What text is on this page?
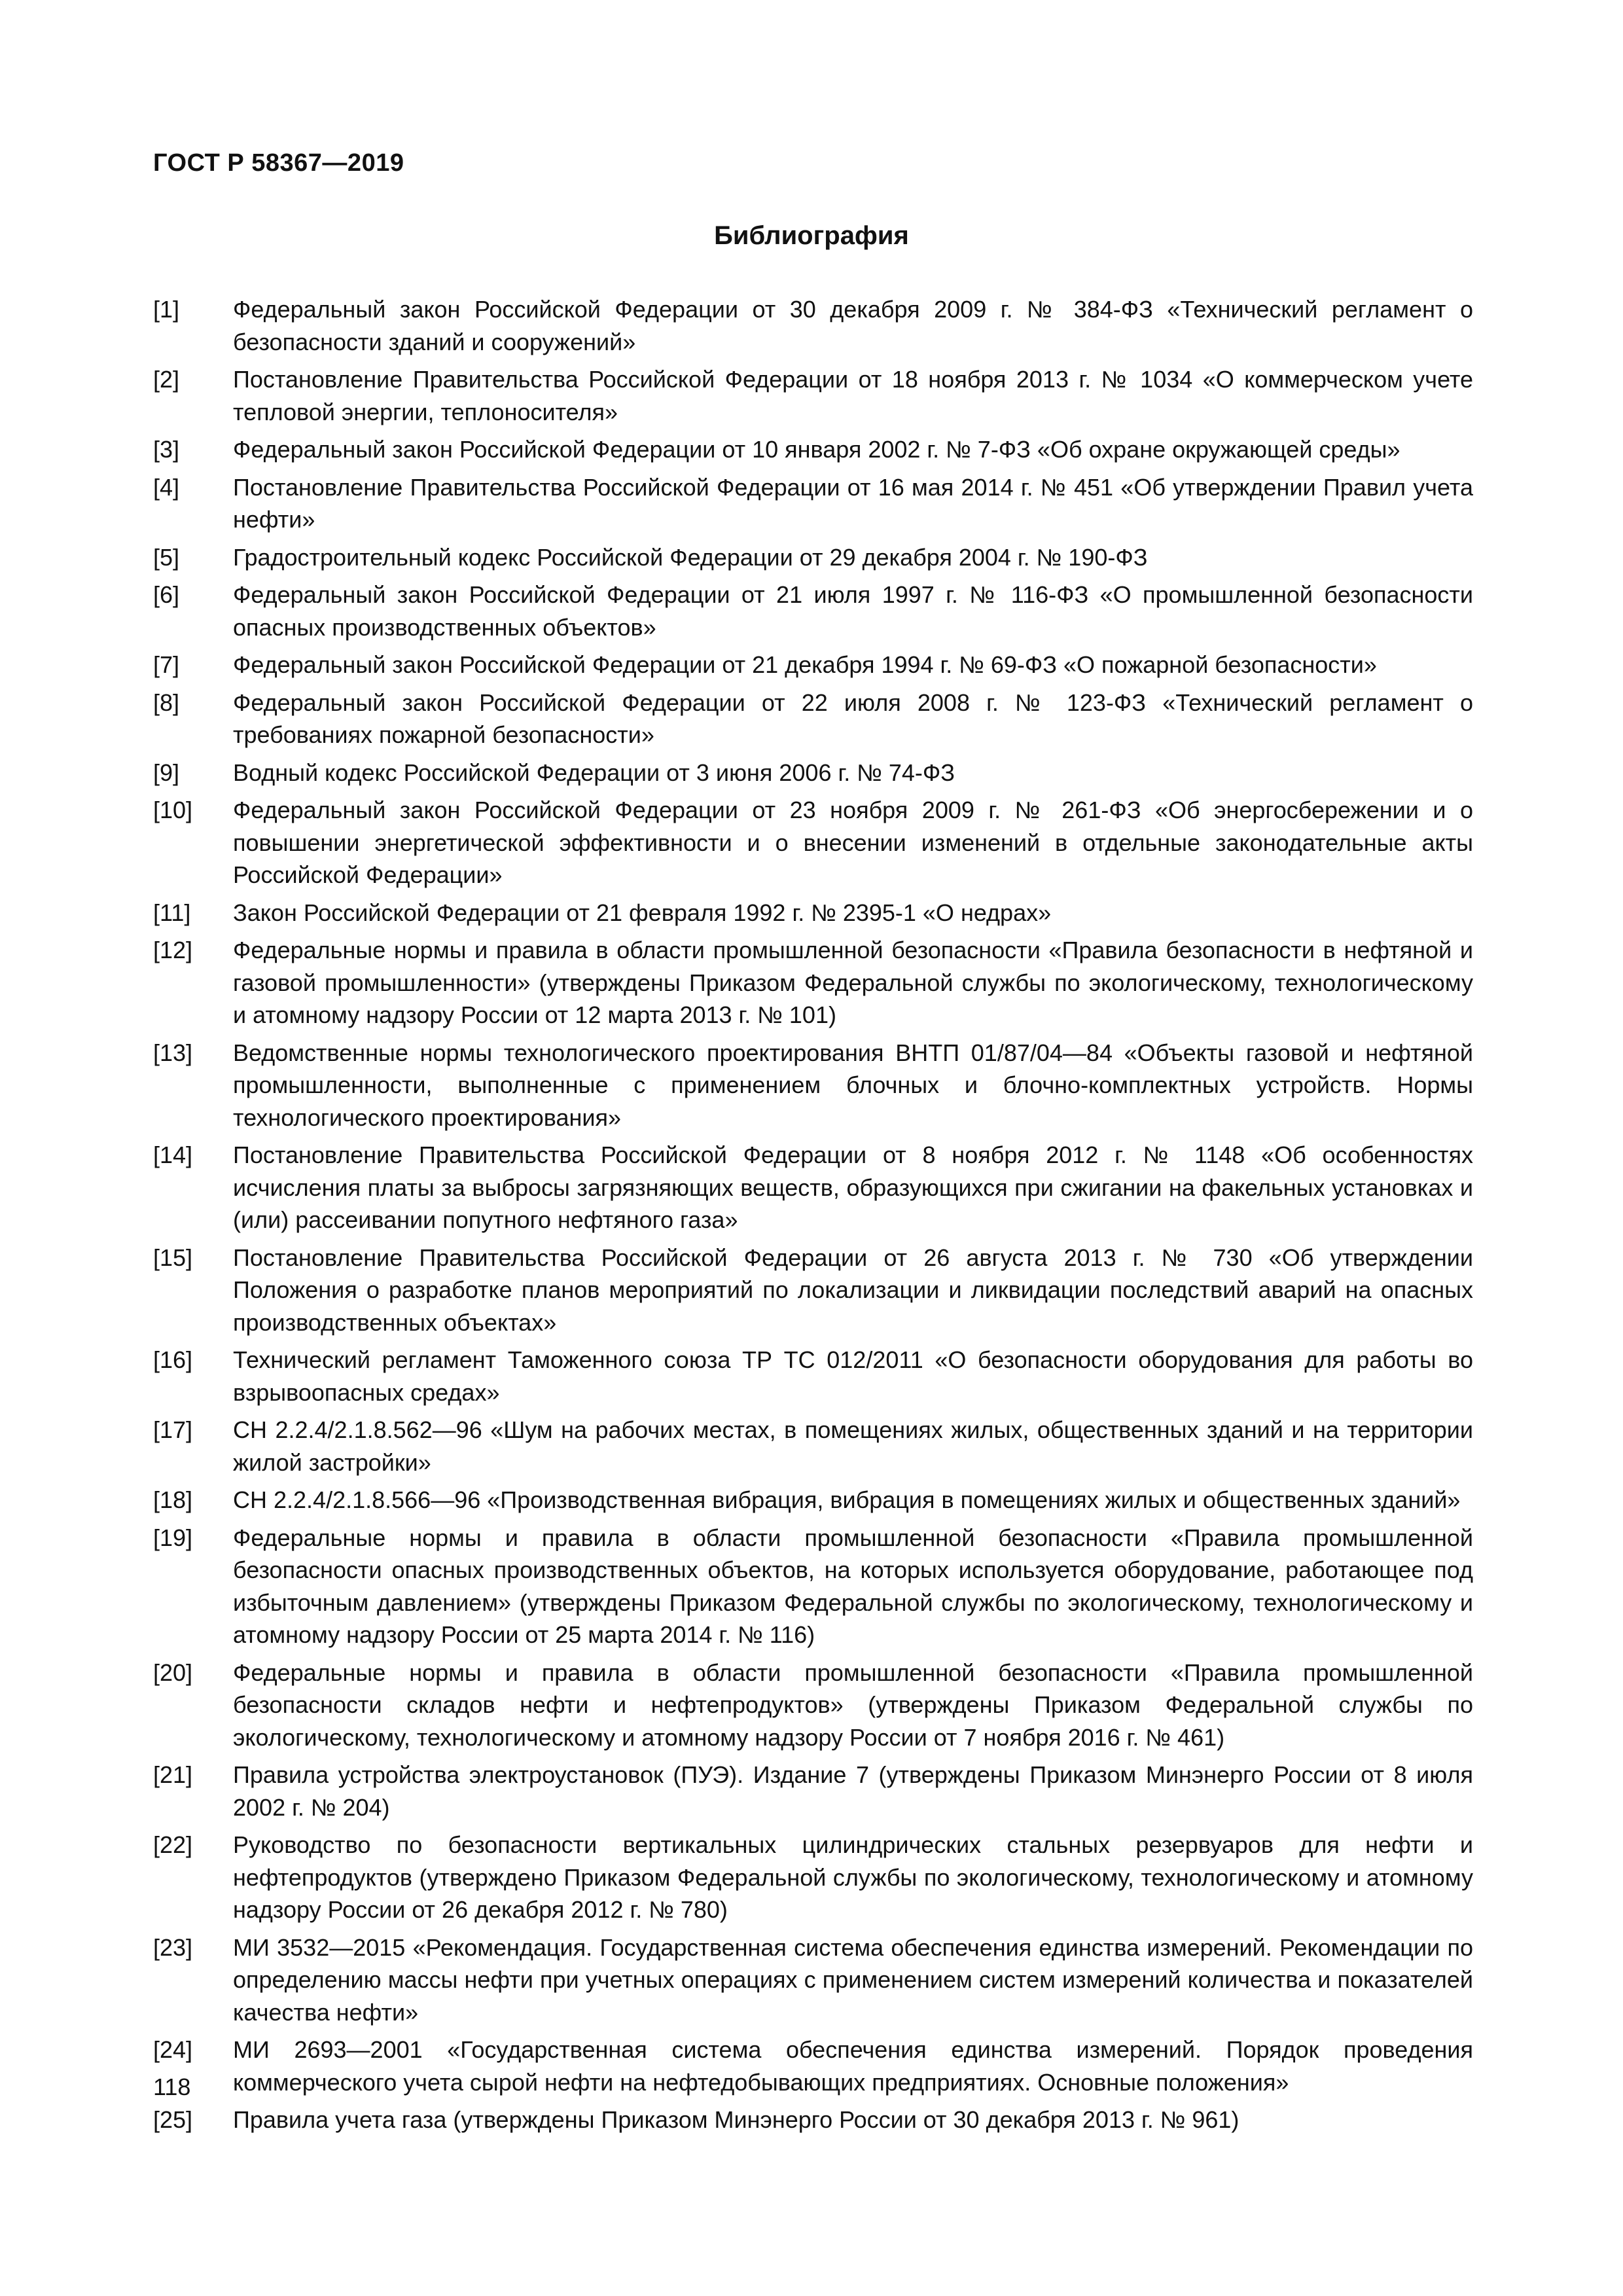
ГОСТ Р 58367—2019
Библиография
[1]	Федеральный закон Российской Федерации от 30 декабря 2009 г. № 384-ФЗ «Технический регламент о безопасности зданий и сооружений»
[2]	Постановление Правительства Российской Федерации от 18 ноября 2013 г. № 1034 «О коммерческом учете тепловой энергии, теплоносителя»
[3]	Федеральный закон Российской Федерации от 10 января 2002 г. № 7-ФЗ «Об охране окружающей среды»
[4]	Постановление Правительства Российской Федерации от 16 мая 2014 г. № 451 «Об утверждении Правил учета нефти»
[5]	Градостроительный кодекс Российской Федерации от 29 декабря 2004 г. № 190-ФЗ
[6]	Федеральный закон Российской Федерации от 21 июля 1997 г. № 116-ФЗ «О промышленной безопасности опасных производственных объектов»
[7]	Федеральный закон Российской Федерации от 21 декабря 1994 г. № 69-ФЗ «О пожарной безопасности»
[8]	Федеральный закон Российской Федерации от 22 июля 2008 г. № 123-ФЗ «Технический регламент о требованиях пожарной безопасности»
[9]	Водный кодекс Российской Федерации от 3 июня 2006 г. № 74-ФЗ
[10]	Федеральный закон Российской Федерации от 23 ноября 2009 г. № 261-ФЗ «Об энергосбережении и о повышении энергетической эффективности и о внесении изменений в отдельные законодательные акты Российской Федерации»
[11]	Закон Российской Федерации от 21 февраля 1992 г. № 2395-1 «О недрах»
[12]	Федеральные нормы и правила в области промышленной безопасности «Правила безопасности в нефтяной и газовой промышленности» (утверждены Приказом Федеральной службы по экологическому, технологическому и атомному надзору России от 12 марта 2013 г. № 101)
[13]	Ведомственные нормы технологического проектирования ВНТП 01/87/04—84 «Объекты газовой и нефтяной промышленности, выполненные с применением блочных и блочно-комплектных устройств. Нормы технологического проектирования»
[14]	Постановление Правительства Российской Федерации от 8 ноября 2012 г. № 1148 «Об особенностях исчисления платы за выбросы загрязняющих веществ, образующихся при сжигании на факельных установках и (или) рассеивании попутного нефтяного газа»
[15]	Постановление Правительства Российской Федерации от 26 августа 2013 г. № 730 «Об утверждении Положения о разработке планов мероприятий по локализации и ликвидации последствий аварий на опасных производственных объектах»
[16]	Технический регламент Таможенного союза ТР ТС 012/2011 «О безопасности оборудования для работы во взрывоопасных средах»
[17]	СН 2.2.4/2.1.8.562—96 «Шум на рабочих местах, в помещениях жилых, общественных зданий и на территории жилой застройки»
[18]	СН 2.2.4/2.1.8.566—96 «Производственная вибрация, вибрация в помещениях жилых и общественных зданий»
[19]	Федеральные нормы и правила в области промышленной безопасности «Правила промышленной безопасности опасных производственных объектов, на которых используется оборудование, работающее под избыточным давлением» (утверждены Приказом Федеральной службы по экологическому, технологическому и атомному надзору России от 25 марта 2014 г. № 116)
[20]	Федеральные нормы и правила в области промышленной безопасности «Правила промышленной безопасности складов нефти и нефтепродуктов» (утверждены Приказом Федеральной службы по экологическому, технологическому и атомному надзору России от 7 ноября 2016 г. № 461)
[21]	Правила устройства электроустановок (ПУЭ). Издание 7 (утверждены Приказом Минэнерго России от 8 июля 2002 г. № 204)
[22]	Руководство по безопасности вертикальных цилиндрических стальных резервуаров для нефти и нефтепродуктов (утверждено Приказом Федеральной службы по экологическому, технологическому и атомному надзору России от 26 декабря 2012 г. № 780)
[23]	МИ 3532—2015 «Рекомендация. Государственная система обеспечения единства измерений. Рекомендации по определению массы нефти при учетных операциях с применением систем измерений количества и показателей качества нефти»
[24]	МИ 2693—2001 «Государственная система обеспечения единства измерений. Порядок проведения коммерческого учета сырой нефти на нефтедобывающих предприятиях. Основные положения»
[25]	Правила учета газа (утверждены Приказом Минэнерго России от 30 декабря 2013 г. № 961)
118
